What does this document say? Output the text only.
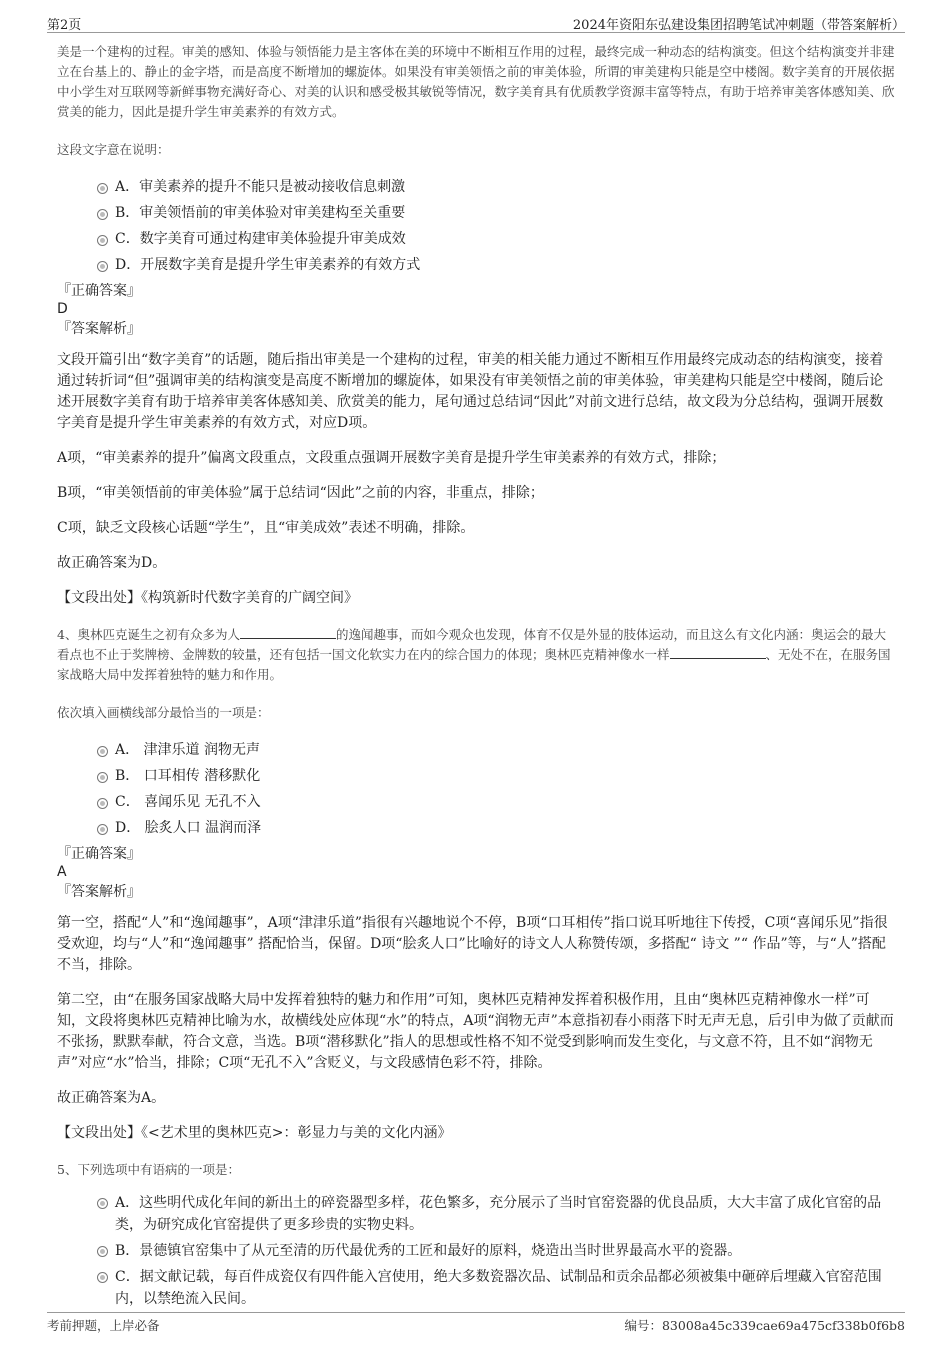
第2页	2024年资阳东弘建设集团招聘笔试冲刺题（带答案解析）

美是一个建构的过程。审美的感知、体验与领悟能力是主客体在美的环境中不断相互作用的过程，最终完成一种动态的结构演变。但这个结构演变并非建立在台基上的、静止的金字塔，而是高度不断增加的螺旋体。如果没有审美领悟之前的审美体验，所谓的审美建构只能是空中楼阁。数字美育的开展依据中小学生对互联网等新鲜事物充满好奇心、对美的认识和感受极其敏锐等情况，数字美育具有优质教学资源丰富等特点，有助于培养审美客体感知美、欣赏美的能力，因此是提升学生审美素养的有效方式。

这段文字意在说明：

A．审美素养的提升不能只是被动接收信息刺激
B．审美领悟前的审美体验对审美建构至关重要
C．数字美育可通过构建审美体验提升审美成效
D．开展数字美育是提升学生审美素养的有效方式
『正确答案』
D
『答案解析』

文段开篇引出“数字美育”的话题，随后指出审美是一个建构的过程，审美的相关能力通过不断相互作用最终完成动态的结构演变，接着通过转折词“但”强调审美的结构演变是高度不断增加的螺旋体，如果没有审美领悟之前的审美体验，审美建构只能是空中楼阁，随后论述开展数字美育有助于培养审美客体感知美、欣赏美的能力，尾句通过总结词“因此”对前文进行总结，故文段为分总结构，强调开展数字美育是提升学生审美素养的有效方式，对应D项。

A项，“审美素养的提升”偏离文段重点，文段重点强调开展数字美育是提升学生审美素养的有效方式，排除；

B项，“审美领悟前的审美体验”属于总结词“因此”之前的内容，非重点，排除；

C项，缺乏文段核心话题“学生”，且“审美成效”表述不明确，排除。

故正确答案为D。

【文段出处】《构筑新时代数字美育的广阔空间》

4、奥林匹克诞生之初有众多为人	的逸闻趣事，而如今观众也发现，体育不仅是外显的肢体运动，而且这么有文化内涵：奥运会的最大看点也不止于奖牌榜、金牌数的较量，还有包括一国文化软实力在内的综合国力的体现；奥林匹克精神像水一样	、无处不在，在服务国家战略大局中发挥着独特的魅力和作用。

依次填入画横线部分最恰当的一项是：

A． 津津乐道 润物无声
B． 口耳相传 潜移默化
C． 喜闻乐见 无孔不入
D． 脍炙人口 温润而泽
『正确答案』
A
『答案解析』

第一空，搭配“人”和“逸闻趣事”，A项“津津乐道”指很有兴趣地说个不停，B项“口耳相传”指口说耳听地往下传授，C项“喜闻乐见”指很受欢迎，均与“人”和“逸闻趣事” 搭配恰当，保留。D项“脍炙人口”比喻好的诗文人人称赞传颂，多搭配“ 诗文 ”“ 作品”等，与“人”搭配不当，排除。

第二空，由“在服务国家战略大局中发挥着独特的魅力和作用”可知，奥林匹克精神发挥着积极作用，且由“奥林匹克精神像水一样”可知，文段将奥林匹克精神比喻为水，故横线处应体现“水”的特点，A项“润物无声”本意指初春小雨落下时无声无息，后引申为做了贡献而不张扬，默默奉献，符合文意，当选。B项“潜移默化”指人的思想或性格不知不觉受到影响而发生变化，与文意不符，且不如“润物无声”对应“水”恰当，排除；C项“无孔不入”含贬义，与文段感情色彩不符，排除。

故正确答案为A。

【文段出处】《<艺术里的奥林匹克>：彰显力与美的文化内涵》

5、下列选项中有语病的一项是：

A．这些明代成化年间的新出土的碎瓷器型多样，花色繁多，充分展示了当时官窑瓷器的优良品质，大大丰富了成化官窑的品类，为研究成化官窑提供了更多珍贵的实物史料。
B．景德镇官窑集中了从元至清的历代最优秀的工匠和最好的原料，烧造出当时世界最高水平的瓷器。
C．据文献记载，每百件成瓷仅有四件能入宫使用，绝大多数瓷器次品、试制品和贡余品都必须被集中砸碎后埋藏入官窑范围内，以禁绝流入民间。
考前押题，上岸必备	编号：83008a45c339cae69a475cf338b0f6b8
